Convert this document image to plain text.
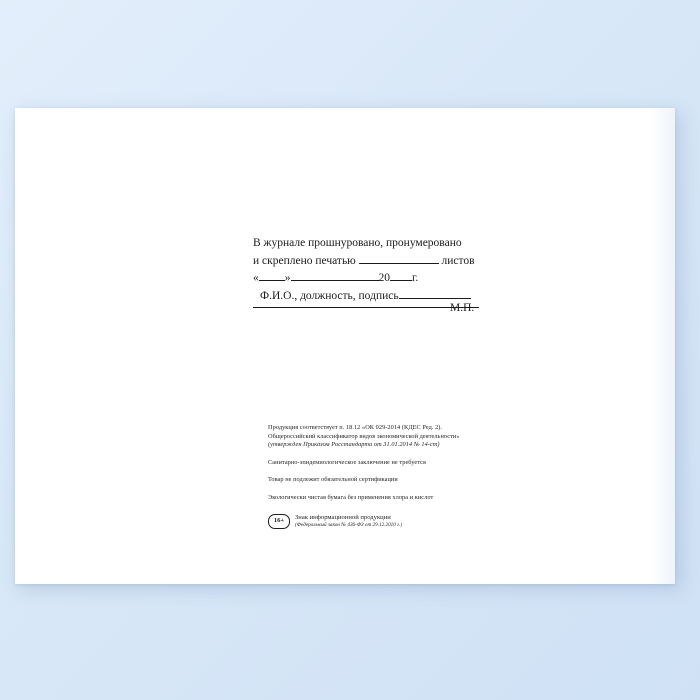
В журнале прошнуровано, пронумеровано
и скреплено печатью	листов
« »	20 г.
Ф.И.О., должность, подпись
М.П.

Продукция соответствует п. 18.12 «ОК 029-2014 (КДЕС Ред. 2).

Общероссийский классификатор видов экономической деятельности»

(утвержден Приказом Росстандарта от 31.01.2014 № 14-ст)

Санитарно-эпидемиологическое заключение не требуется

Товар не подлежит обязательной сертификации

Экологически чистая бумага без применения хлора и кислот

16+	Знак информационной продукции
(Федеральный закон № 436-ФЗ от 29.12.2010 г.)
